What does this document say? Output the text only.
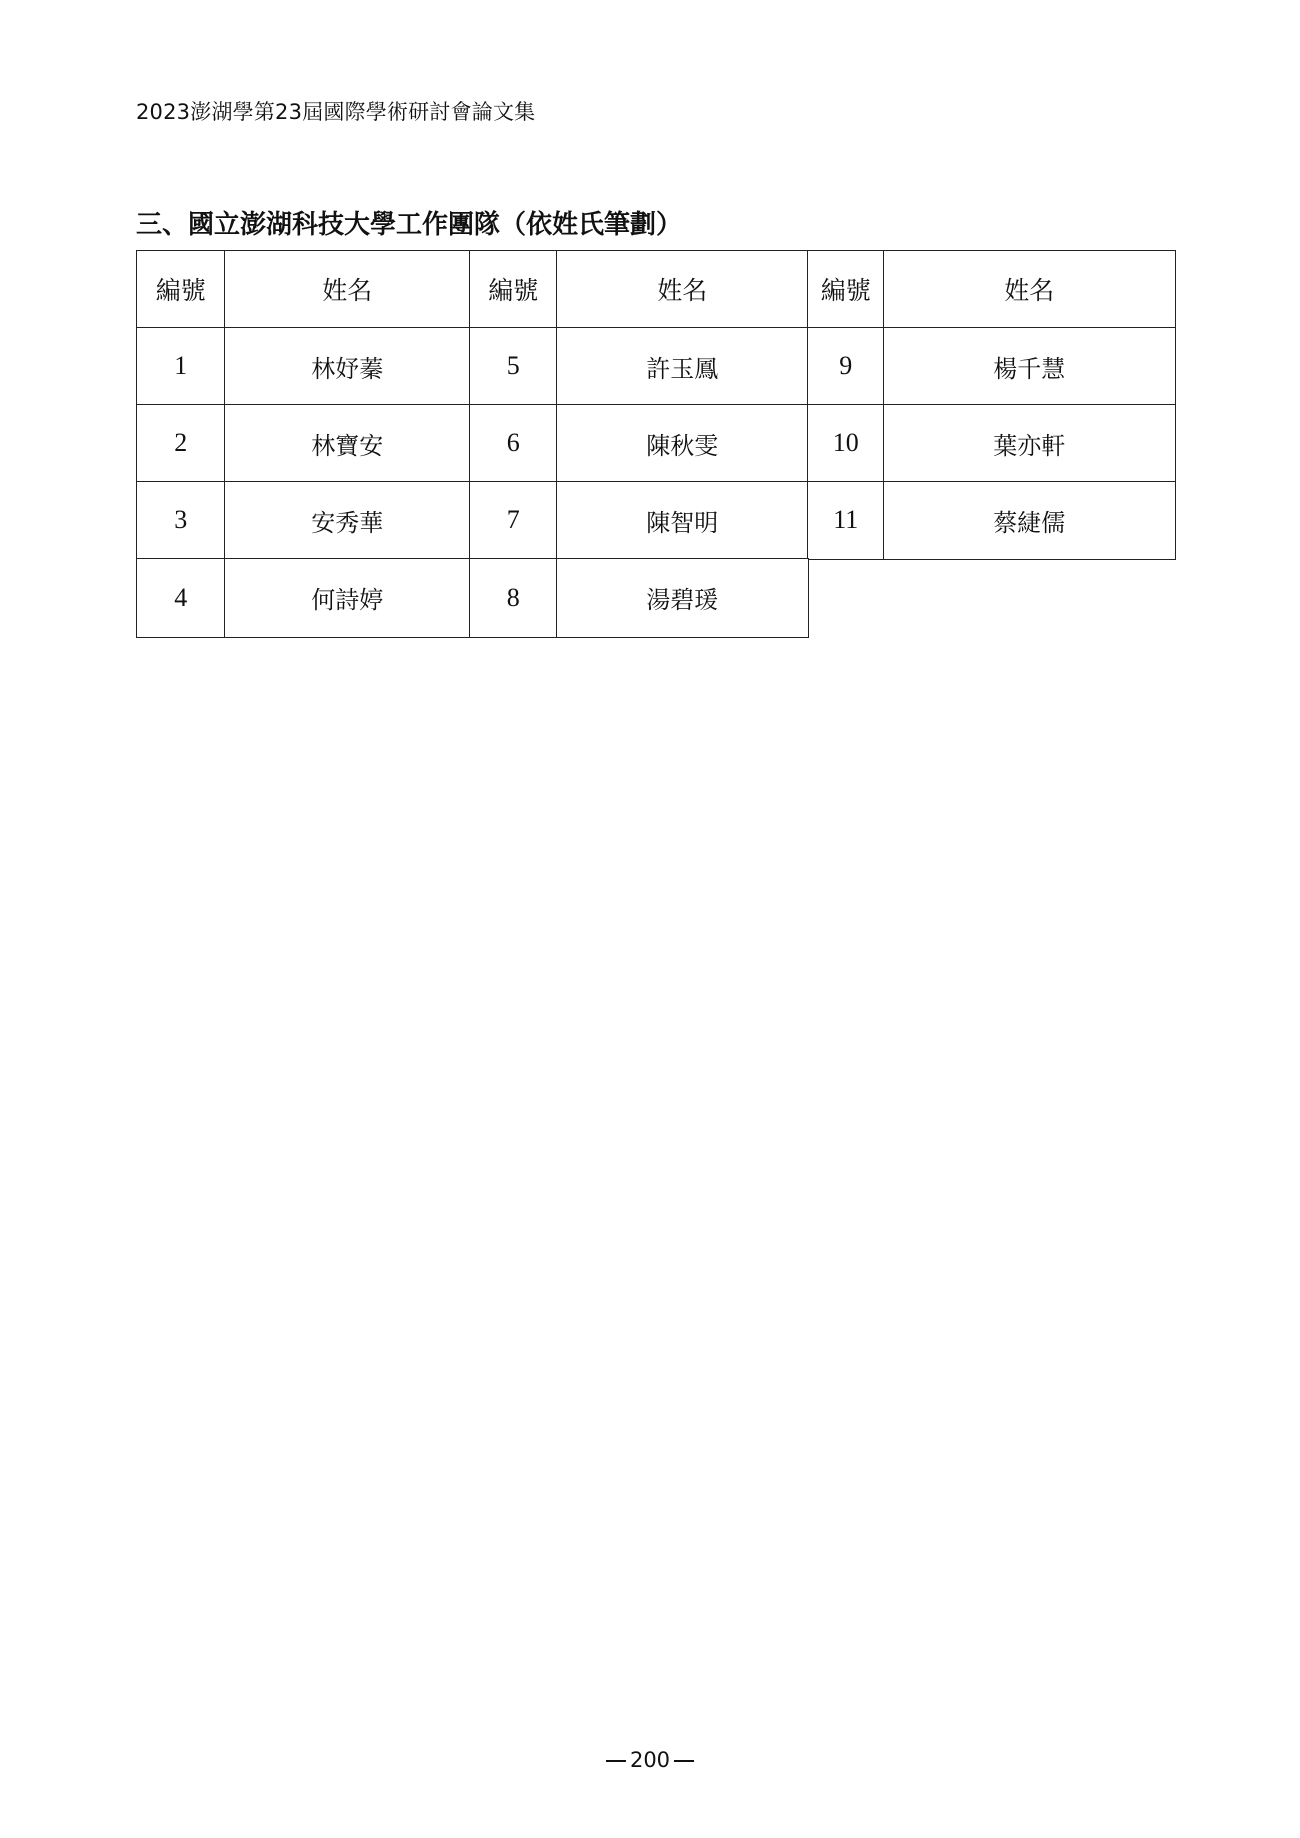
2023澎湖學第23屆國際學術研討會論文集
三、國立澎湖科技大學工作團隊（依姓氏筆劃）
編號	姓名	編號	姓名	編號	姓名
1	林妤蓁	5	許玉鳳	9	楊千慧
2	林寶安	6	陳秋雯	10	葉亦軒
3	安秀華	7	陳智明	11	蔡緁儒
4	何詩婷	8	湯碧瑗
200
